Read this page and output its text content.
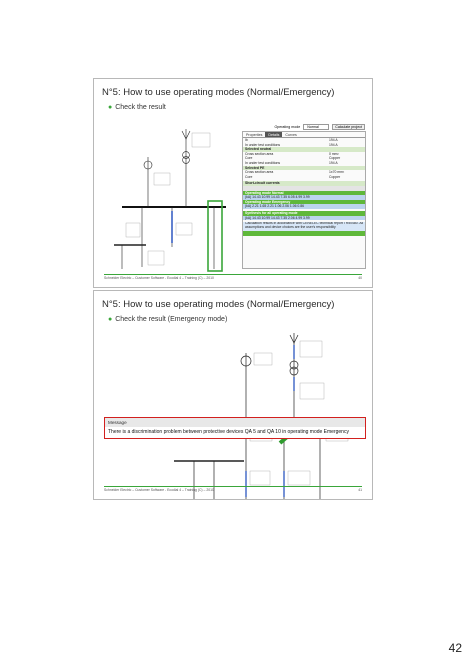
N°5: How to use operating modes (Normal/Emergency)
● Check the result
Operating mode	Normal	Calculate project
Properties	Details	Curves
Ib	194 A
In under test conditions	194 A
Selected neutral
Cross section area	0 mm²
Core	Copper
In under test conditions	194 A
Selected PE
Cross section area	1x70 mm²
Core	Copper
Short-circuit currents
Operating mode Normal
(kA) 14.43 10.99 14.43 7.35 6.05 4.99 3.99
Operating mode Emergency
(kA) 2.21 1.65 2.21 1.06 2.06 1.06 0.86
Synthesis for all operating mode
(kA) 14.43 10.99 14.43 7.35 2.06 4.99 3.99
Calculation results in accordance with CENELEC technical report TR50480. All assumptions and device choices are the user's responsibility
Schneider Electric – Customer Software - Ecodial 4 – Training (C) – 2010	40
N°5: How to use operating modes (Normal/Emergency)
● Check the result (Emergency mode)
Message
There is a discrimination problem between protective devices QA 5 and QA 10 in operating mode Emergency
Schneider Electric – Customer Software - Ecodial 4 – Training (C) – 2010	41
42
